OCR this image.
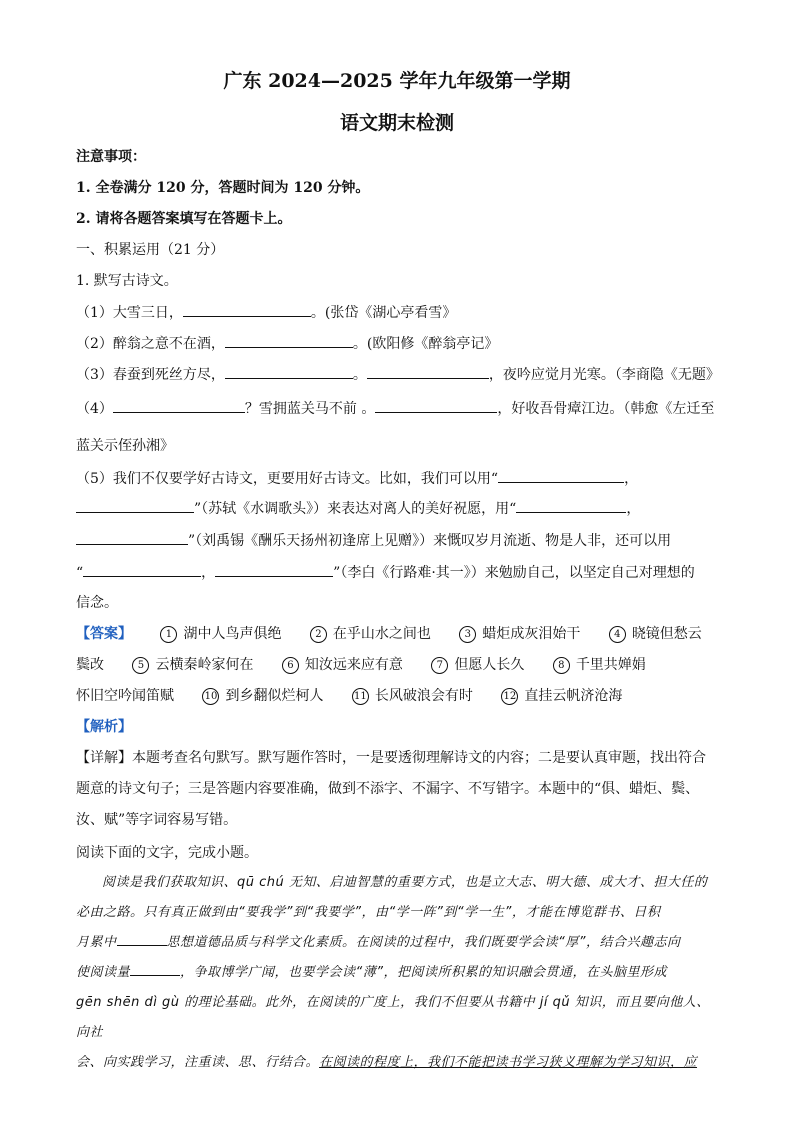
广东 2024—2025 学年九年级第一学期
语文期末检测
注意事项：
1. 全卷满分 120 分，答题时间为 120 分钟。
2. 请将各题答案填写在答题卡上。
一、积累运用（21 分）
1. 默写古诗文。
（1）大雪三日，	。(张岱《湖心亭看雪》
（2）醉翁之意不在酒，	。(欧阳修《醉翁亭记》
（3）春蚕到死丝方尽，	。	，夜吟应觉月光寒。（李商隐《无题》
（4）	？雪拥蓝关马不前 。	，好收吾骨瘴江边。（韩愈《左迁至
蓝关示侄孙湘》
（5）我们不仅要学好古诗文，更要用好古诗文。比如，我们可以用“	，
”（苏轼《水调歌头》）来表达对离人的美好祝愿，用“	，
”（刘禹锡《酬乐天扬州初逢席上见赠》）来慨叹岁月流逝、物是人非，还可以用
“	，	”（李白《行路难·其一》）来勉励自己，以坚定自己对理想的
信念。
【答案】	1 湖中人鸟声俱绝	2 在乎山水之间也	3 蜡炬成灰泪始干	4 晓镜但愁云
鬓改	5 云横秦岭家何在	6 知汝远来应有意	7 但愿人长久	8 千里共婵娟
怀旧空吟闻笛赋	10 到乡翻似烂柯人	11 长风破浪会有时	12 直挂云帆济沧海
【解析】
【详解】本题考查名句默写。默写题作答时，一是要透彻理解诗文的内容；二是要认真审题，找出符合
题意的诗文句子；三是答题内容要准确，做到不添字、不漏字、不写错字。本题中的“俱、蜡炬、鬓、
汝、赋”等字词容易写错。
阅读下面的文字，完成小题。

阅读是我们获取知识、qū chú 无知、启迪智慧的重要方式，也是立大志、明大德、成大才、担大任的

必由之路。只有真正做到由“要我学”到“我要学”，由“学一阵”到“学一生”，才能在博览群书、日积
月累中	思想道德品质与科学文化素质。在阅读的过程中，我们既要学会读“厚”，结合兴趣志向
使阅读量	，争取博学广闻，也要学会读“薄”，把阅读所积累的知识融会贯通，在头脑里形成
gēn shēn dì gù 的理论基础。此外，在阅读的广度上，我们不但要从书籍中 jí qǔ 知识，而且要向他人、向社
会、向实践学习，注重读、思、行结合。在阅读的程度上，我们不能把读书学习狭义理解为学习知识，应
